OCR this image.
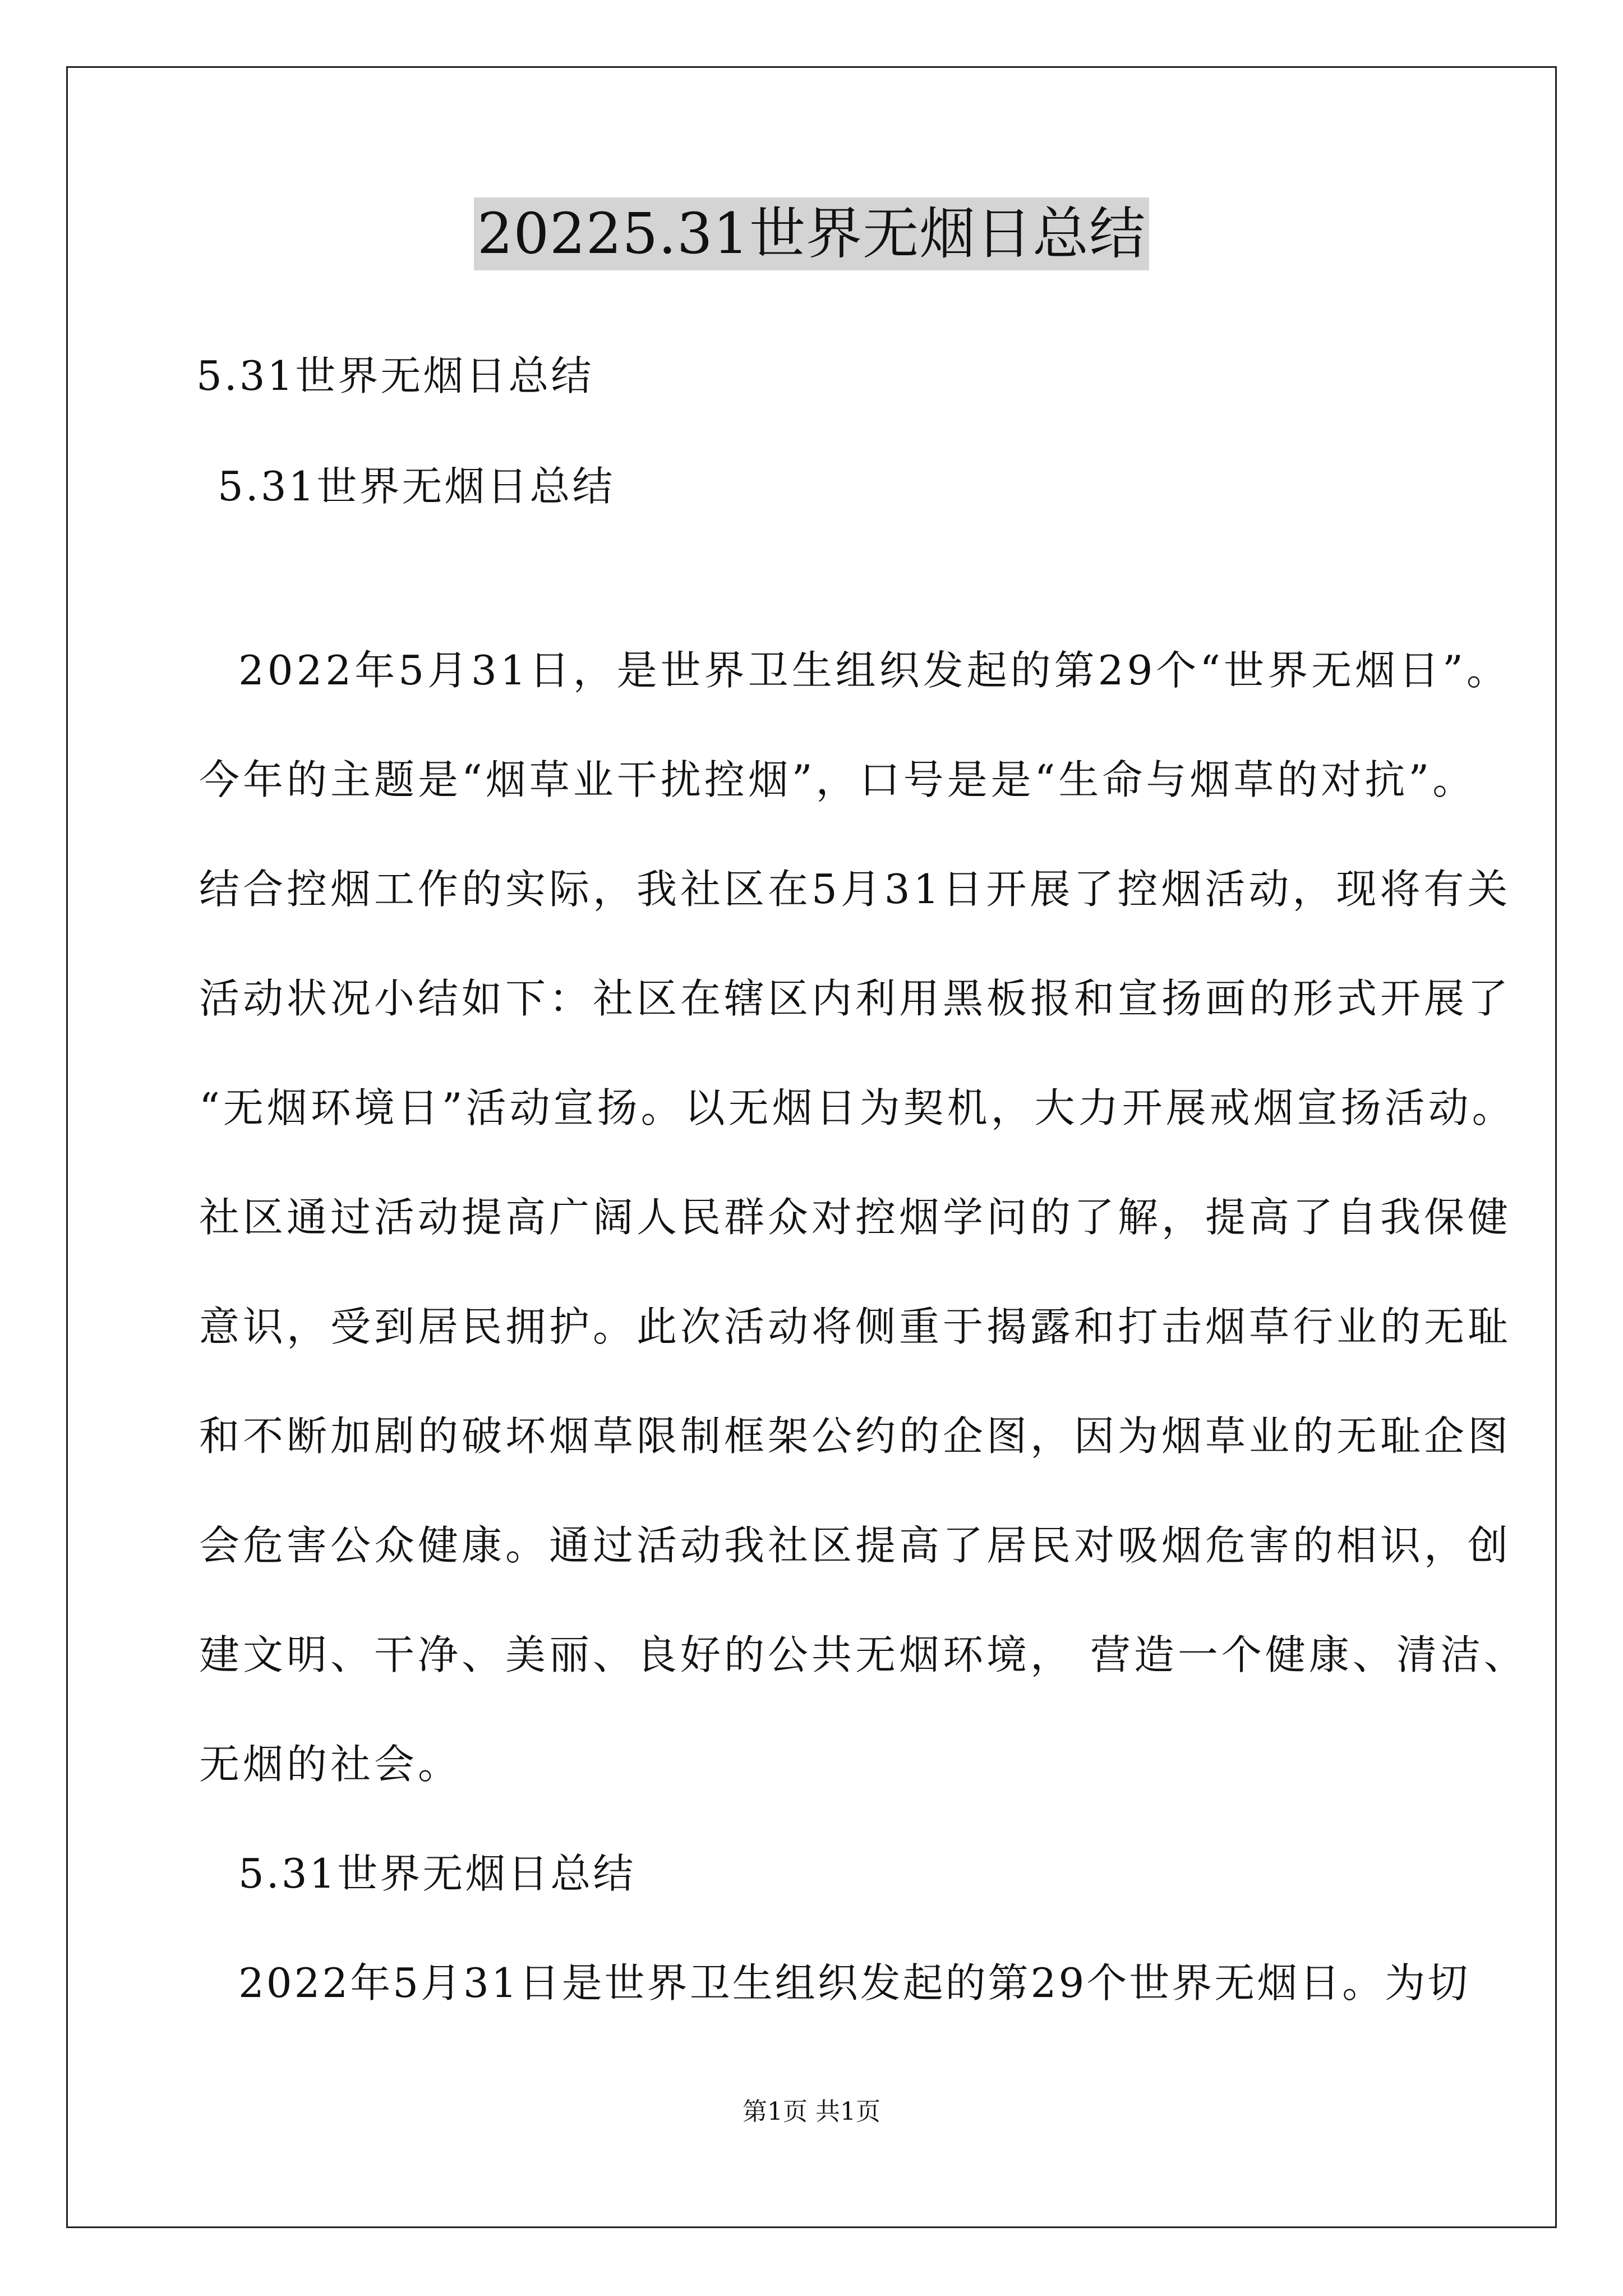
20225.31世界无烟日总结
5.31世界无烟日总结
5.31世界无烟日总结
2022年5月31日，是世界卫生组织发起的第29个“世界无烟日”。
今年的主题是“烟草业干扰控烟”，口号是是“生命与烟草的对抗”。
结合控烟工作的实际，我社区在5月31日开展了控烟活动，现将有关
活动状况小结如下：社区在辖区内利用黑板报和宣扬画的形式开展了
“无烟环境日”活动宣扬。以无烟日为契机，大力开展戒烟宣扬活动。
社区通过活动提高广阔人民群众对控烟学问的了解，提高了自我保健
意识，受到居民拥护。此次活动将侧重于揭露和打击烟草行业的无耻
和不断加剧的破坏烟草限制框架公约的企图，因为烟草业的无耻企图
会危害公众健康。通过活动我社区提高了居民对吸烟危害的相识，创
建文明、干净、美丽、良好的公共无烟环境， 营造一个健康、清洁、
无烟的社会。
5.31世界无烟日总结
2022年5月31日是世界卫生组织发起的第29个世界无烟日。为切
第1页 共1页
